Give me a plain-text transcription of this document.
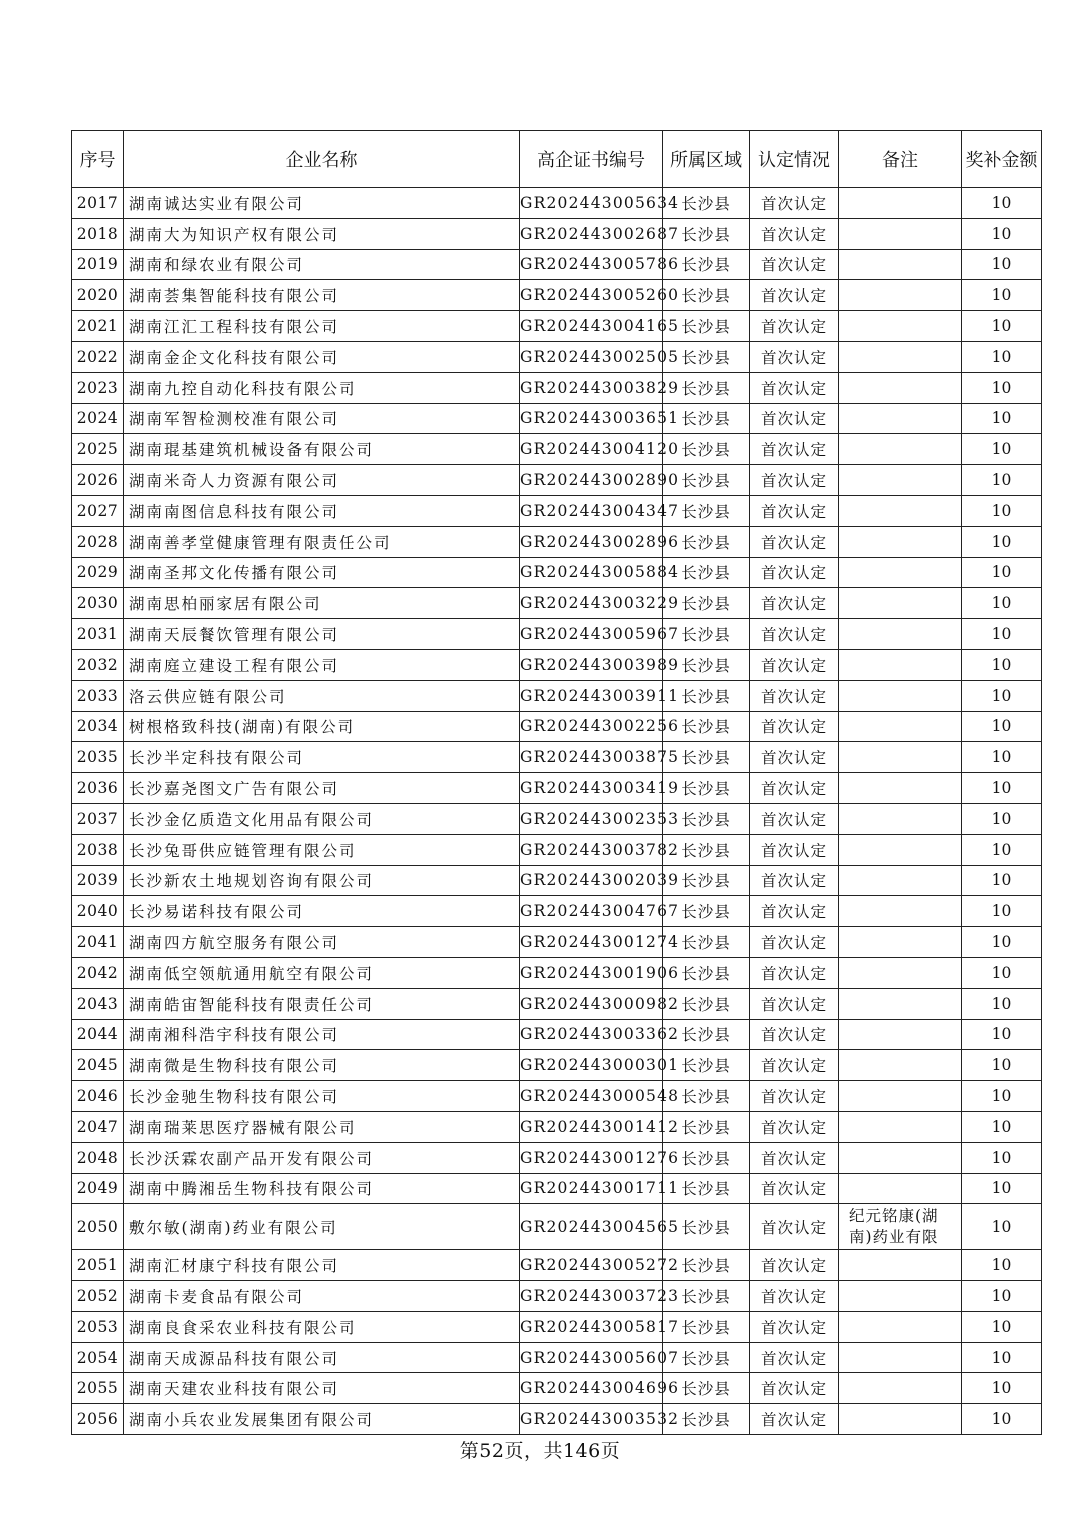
序号	企业名称	高企证书编号	所属区域	认定情况	备注	奖补金额
2017	湖南诚达实业有限公司	GR202443005634	长沙县	首次认定		10
2018	湖南大为知识产权有限公司	GR202443002687	长沙县	首次认定		10
2019	湖南和绿农业有限公司	GR202443005786	长沙县	首次认定		10
2020	湖南荟集智能科技有限公司	GR202443005260	长沙县	首次认定		10
2021	湖南江汇工程科技有限公司	GR202443004165	长沙县	首次认定		10
2022	湖南金企文化科技有限公司	GR202443002505	长沙县	首次认定		10
2023	湖南九控自动化科技有限公司	GR202443003829	长沙县	首次认定		10
2024	湖南军智检测校准有限公司	GR202443003651	长沙县	首次认定		10
2025	湖南琨基建筑机械设备有限公司	GR202443004120	长沙县	首次认定		10
2026	湖南米奇人力资源有限公司	GR202443002890	长沙县	首次认定		10
2027	湖南南图信息科技有限公司	GR202443004347	长沙县	首次认定		10
2028	湖南善孝堂健康管理有限责任公司	GR202443002896	长沙县	首次认定		10
2029	湖南圣邦文化传播有限公司	GR202443005884	长沙县	首次认定		10
2030	湖南思柏丽家居有限公司	GR202443003229	长沙县	首次认定		10
2031	湖南天辰餐饮管理有限公司	GR202443005967	长沙县	首次认定		10
2032	湖南庭立建设工程有限公司	GR202443003989	长沙县	首次认定		10
2033	洛云供应链有限公司	GR202443003911	长沙县	首次认定		10
2034	树根格致科技(湖南)有限公司	GR202443002256	长沙县	首次认定		10
2035	长沙半定科技有限公司	GR202443003875	长沙县	首次认定		10
2036	长沙嘉尧图文广告有限公司	GR202443003419	长沙县	首次认定		10
2037	长沙金亿质造文化用品有限公司	GR202443002353	长沙县	首次认定		10
2038	长沙兔哥供应链管理有限公司	GR202443003782	长沙县	首次认定		10
2039	长沙新农土地规划咨询有限公司	GR202443002039	长沙县	首次认定		10
2040	长沙易诺科技有限公司	GR202443004767	长沙县	首次认定		10
2041	湖南四方航空服务有限公司	GR202443001274	长沙县	首次认定		10
2042	湖南低空领航通用航空有限公司	GR202443001906	长沙县	首次认定		10
2043	湖南皓宙智能科技有限责任公司	GR202443000982	长沙县	首次认定		10
2044	湖南湘科浩宇科技有限公司	GR202443003362	长沙县	首次认定		10
2045	湖南微是生物科技有限公司	GR202443000301	长沙县	首次认定		10
2046	长沙金驰生物科技有限公司	GR202443000548	长沙县	首次认定		10
2047	湖南瑞莱思医疗器械有限公司	GR202443001412	长沙县	首次认定		10
2048	长沙沃霖农副产品开发有限公司	GR202443001276	长沙县	首次认定		10
2049	湖南中腾湘岳生物科技有限公司	GR202443001711	长沙县	首次认定		10
2050	敷尔敏(湖南)药业有限公司	GR202443004565	长沙县	首次认定	纪元铭康(湖南)药业有限	10
2051	湖南汇材康宁科技有限公司	GR202443005272	长沙县	首次认定		10
2052	湖南卡麦食品有限公司	GR202443003723	长沙县	首次认定		10
2053	湖南良食采农业科技有限公司	GR202443005817	长沙县	首次认定		10
2054	湖南天成源品科技有限公司	GR202443005607	长沙县	首次认定		10
2055	湖南天建农业科技有限公司	GR202443004696	长沙县	首次认定		10
2056	湖南小兵农业发展集团有限公司	GR202443003532	长沙县	首次认定		10
第52页，共146页
